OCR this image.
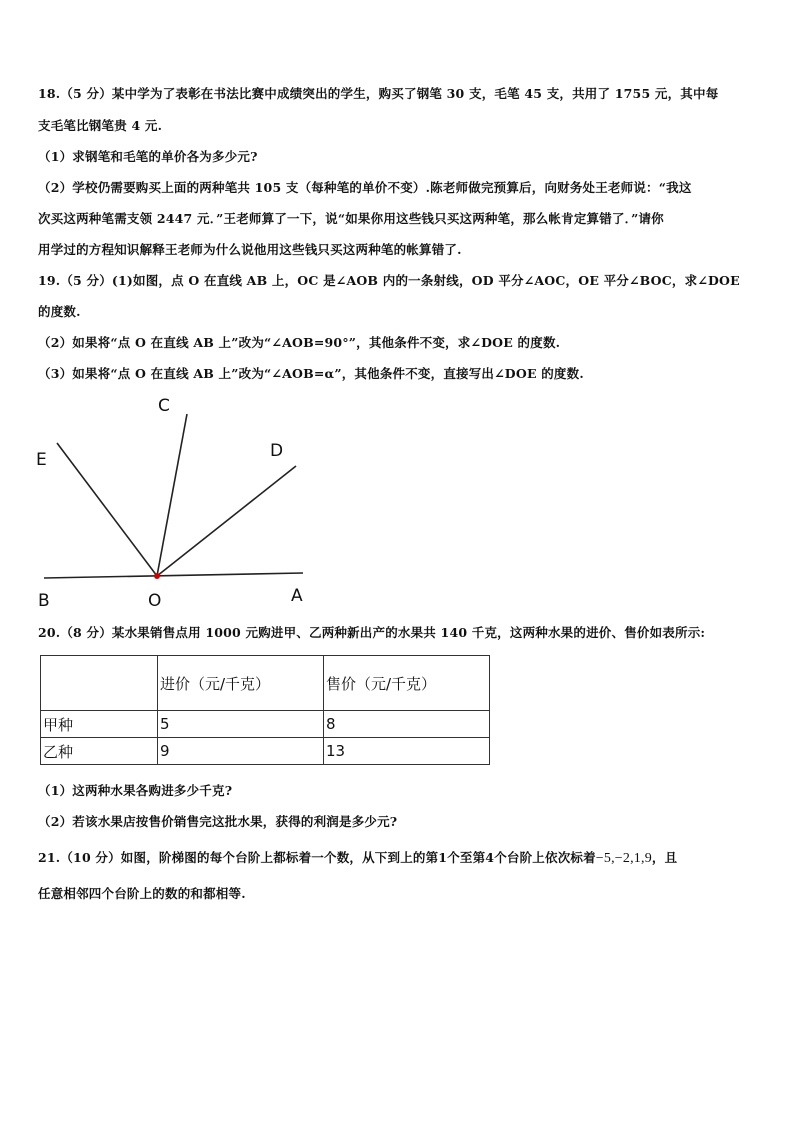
18.（5 分）某中学为了表彰在书法比赛中成绩突出的学生，购买了钢笔 30 支，毛笔 45 支，共用了 1755 元，其中每
支毛笔比钢笔贵 4 元.
（1）求钢笔和毛笔的单价各为多少元?
（2）学校仍需要购买上面的两种笔共 105 支（每种笔的单价不变）.陈老师做完预算后，向财务处王老师说：“我这
次买这两种笔需支领 2447 元．”王老师算了一下，说“如果你用这些钱只买这两种笔，那么帐肯定算错了．”请你
用学过的方程知识解释王老师为什么说他用这些钱只买这两种笔的帐算错了.
19.（5 分）(1)如图，点 O 在直线 AB 上，OC 是∠AOB 内的一条射线，OD 平分∠AOC，OE 平分∠BOC，求∠DOE
的度数.
（2）如果将“点 O 在直线 AB 上”改为“∠AOB=90°”，其他条件不变，求∠DOE 的度数.
（3）如果将“点 O 在直线 AB 上”改为“∠AOB=α”，其他条件不变，直接写出∠DOE 的度数.
C
D
E
B	O	A
20.（8 分）某水果销售点用 1000 元购进甲、乙两种新出产的水果共 140 千克，这两种水果的进价、售价如表所示:
	进价（元/千克）	售价（元/千克）
甲种	5	8
乙种	9	13
（1）这两种水果各购进多少千克?
（2）若该水果店按售价销售完这批水果，获得的利润是多少元?
21.（10 分）如图，阶梯图的每个台阶上都标着一个数，从下到上的第1个至第4个台阶上依次标着−5,−2,1,9，且
任意相邻四个台阶上的数的和都相等.
